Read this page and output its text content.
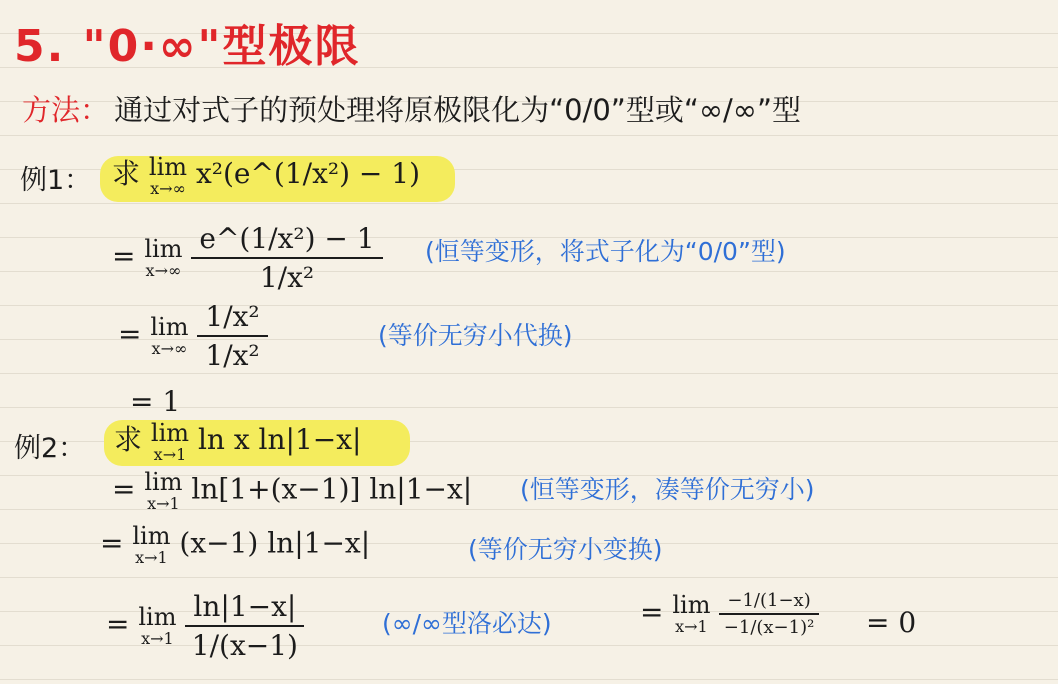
5. "0·∞"型极限
方法： 通过对式子的预处理将原极限化为“0/0”型或“∞/∞”型
例1： 求 lim
x→∞ x²(e^(1/x²) − 1)
= lim
x→∞
$\frac{\text{e\textasciicircum{}(1/x²) − 1}}{\text{1/x²}}$ (恒等变形，将式子化为“0/0”型)
= lim
x→∞
$\frac{\text{1/x²}}{\text{1/x²}}$	(等价无穷小代换)
= 1
例2： 求 lim
x→1 ln x ln|1−x|
= lim
x→1 ln[1+(x−1)] ln|1−x| (恒等变形，凑等价无穷小)
= lim
x→1 (x−1) ln|1−x|	(等价无穷小变换)
= lim
x→1
$\frac{\ln|1-x|}{1/(x-1)}$	(∞/∞型洛必达)	= lim
x→1
$\frac{-1/(1-x)}{\text{−1/(x−1)²}} = 0$
